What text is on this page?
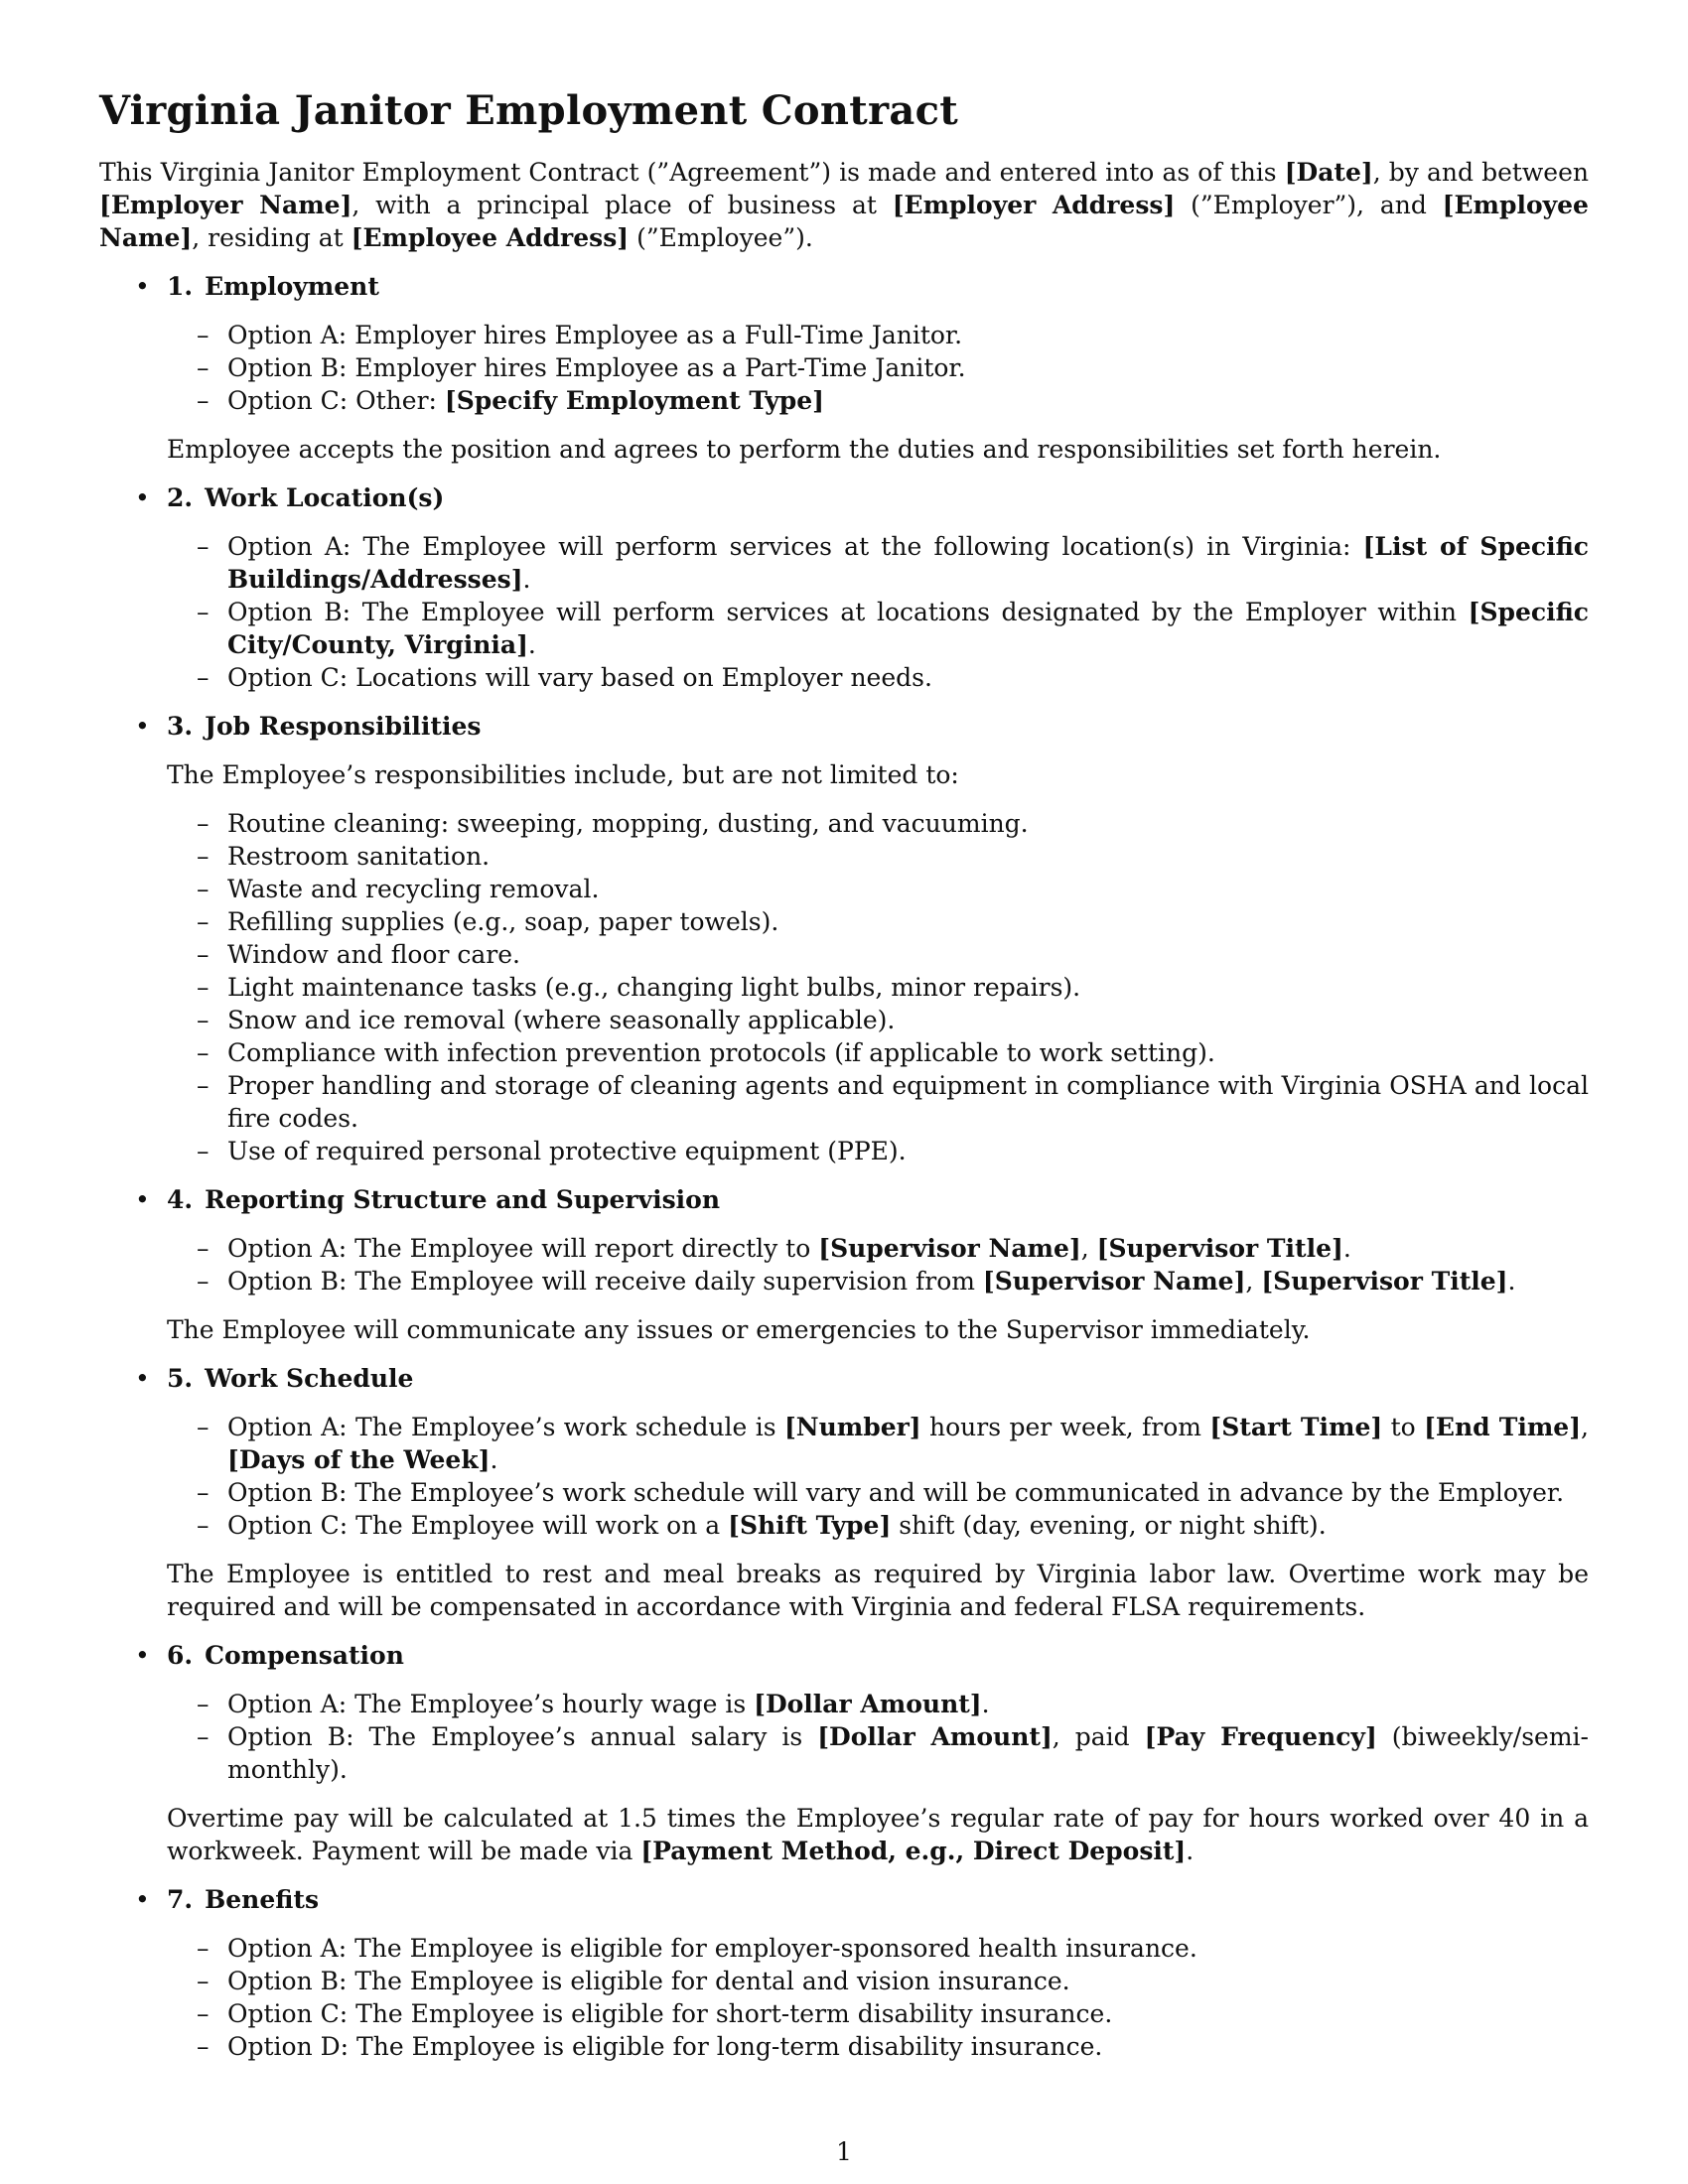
Virginia Janitor Employment Contract

This Virginia Janitor Employment Contract (”Agreement”) is made and entered into as of this [Date], by and between [Employer Name], with a principal place of business at [Employer Address] (”Employer”), and [Employee Name], residing at [Employee Address] (”Employee”).

• 1. Employment
– Option A: Employer hires Employee as a Full-Time Janitor.
– Option B: Employer hires Employee as a Part-Time Janitor.
– Option C: Other: [Specify Employment Type]

Employee accepts the position and agrees to perform the duties and responsibilities set forth herein.

• 2. Work Location(s)
– Option A: The Employee will perform services at the following location(s) in Virginia: [List of Specific Buildings/Addresses].
– Option B: The Employee will perform services at locations designated by the Employer within [Specific City/County, Virginia].
– Option C: Locations will vary based on Employer needs.
• 3. Job Responsibilities

The Employee’s responsibilities include, but are not limited to:

– Routine cleaning: sweeping, mopping, dusting, and vacuuming.
– Restroom sanitation.
– Waste and recycling removal.
– Refilling supplies (e.g., soap, paper towels).
– Window and floor care.
– Light maintenance tasks (e.g., changing light bulbs, minor repairs).
– Snow and ice removal (where seasonally applicable).
– Compliance with infection prevention protocols (if applicable to work setting).
– Proper handling and storage of cleaning agents and equipment in compliance with Virginia OSHA and local fire codes.
– Use of required personal protective equipment (PPE).
• 4. Reporting Structure and Supervision
– Option A: The Employee will report directly to [Supervisor Name], [Supervisor Title].
– Option B: The Employee will receive daily supervision from [Supervisor Name], [Supervisor Title].

The Employee will communicate any issues or emergencies to the Supervisor immediately.

• 5. Work Schedule
– Option A: The Employee’s work schedule is [Number] hours per week, from [Start Time] to [End Time], [Days of the Week].
– Option B: The Employee’s work schedule will vary and will be communicated in advance by the Employer.
– Option C: The Employee will work on a [Shift Type] shift (day, evening, or night shift).

The Employee is entitled to rest and meal breaks as required by Virginia labor law. Overtime work may be required and will be compensated in accordance with Virginia and federal FLSA requirements.

• 6. Compensation
– Option A: The Employee’s hourly wage is [Dollar Amount].
– Option B: The Employee’s annual salary is [Dollar Amount], paid [Pay Frequency] (biweekly/semi-monthly).

Overtime pay will be calculated at 1.5 times the Employee’s regular rate of pay for hours worked over 40 in a workweek. Payment will be made via [Payment Method, e.g., Direct Deposit].

• 7. Benefits
– Option A: The Employee is eligible for employer-sponsored health insurance.
– Option B: The Employee is eligible for dental and vision insurance.
– Option C: The Employee is eligible for short-term disability insurance.
– Option D: The Employee is eligible for long-term disability insurance.
1
